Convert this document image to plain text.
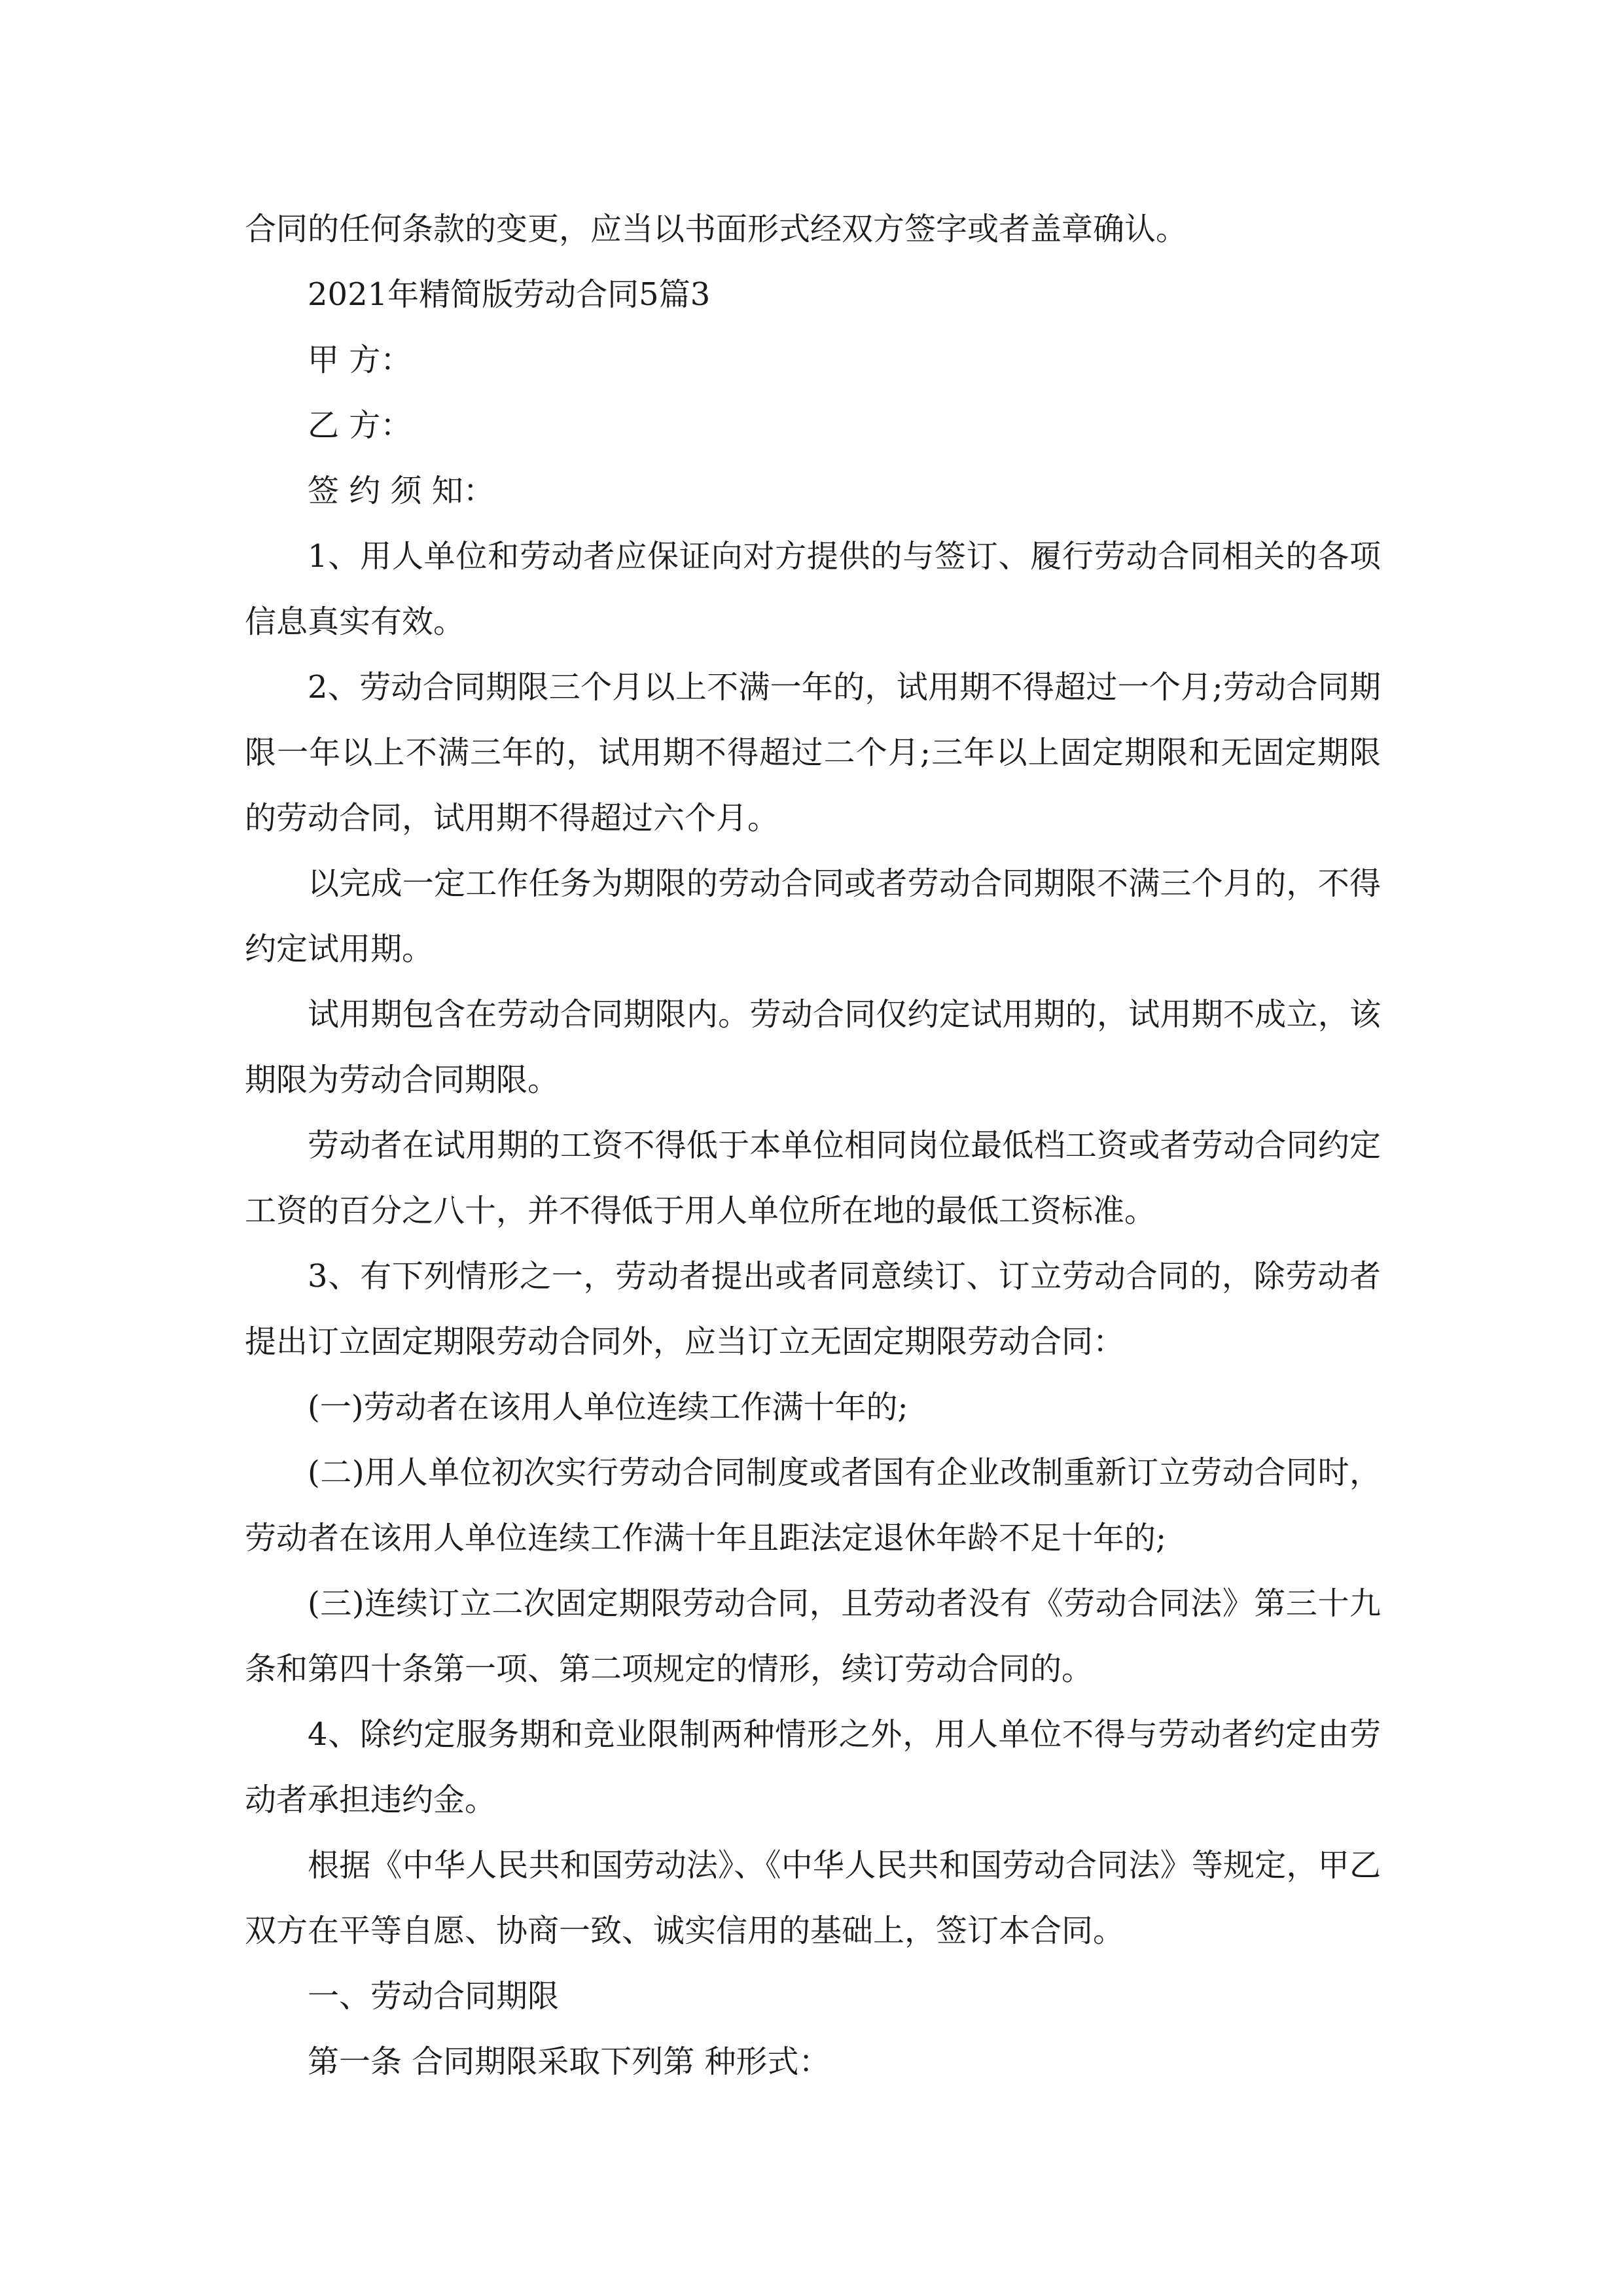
合同的任何条款的变更，应当以书面形式经双方签字或者盖章确认。

2021年精简版劳动合同5篇3

甲 方：

乙 方：

签 约 须 知：

1、用人单位和劳动者应保证向对方提供的与签订、履行劳动合同相关的各项信息真实有效。

2、劳动合同期限三个月以上不满一年的，试用期不得超过一个月;劳动合同期限一年以上不满三年的，试用期不得超过二个月;三年以上固定期限和无固定期限的劳动合同，试用期不得超过六个月。

以完成一定工作任务为期限的劳动合同或者劳动合同期限不满三个月的，不得约定试用期。

试用期包含在劳动合同期限内。劳动合同仅约定试用期的，试用期不成立，该期限为劳动合同期限。

劳动者在试用期的工资不得低于本单位相同岗位最低档工资或者劳动合同约定工资的百分之八十，并不得低于用人单位所在地的最低工资标准。

3、有下列情形之一，劳动者提出或者同意续订、订立劳动合同的，除劳动者提出订立固定期限劳动合同外，应当订立无固定期限劳动合同：

(一)劳动者在该用人单位连续工作满十年的;

(二)用人单位初次实行劳动合同制度或者国有企业改制重新订立劳动合同时，劳动者在该用人单位连续工作满十年且距法定退休年龄不足十年的;

(三)连续订立二次固定期限劳动合同，且劳动者没有《劳动合同法》第三十九条和第四十条第一项、第二项规定的情形，续订劳动合同的。

4、除约定服务期和竞业限制两种情形之外，用人单位不得与劳动者约定由劳动者承担违约金。

根据《中华人民共和国劳动法》、《中华人民共和国劳动合同法》等规定，甲乙双方在平等自愿、协商一致、诚实信用的基础上，签订本合同。

一、劳动合同期限

第一条 合同期限采取下列第 种形式：
